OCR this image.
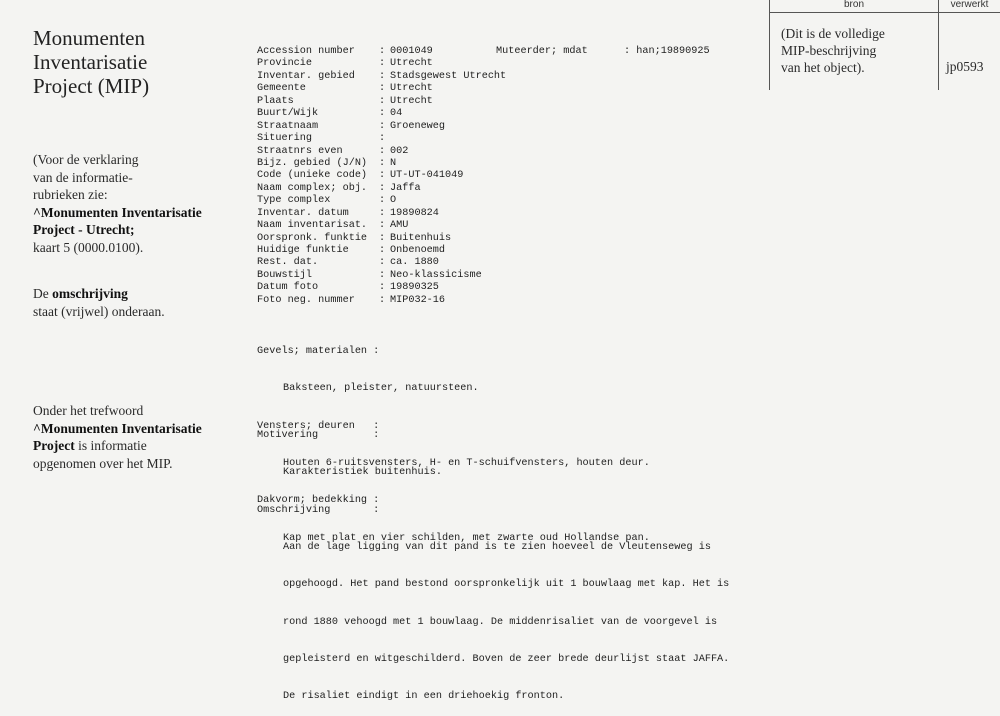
Monumenten
Inventarisatie
Project (MIP)
(Voor de verklaring
van de informatie-
rubrieken zie:
^Monumenten Inventarisatie
Project - Utrecht;
kaart 5 (0000.0100).
De omschrijving
staat (vrijwel) onderaan.
Onder het trefwoord
^Monumenten Inventarisatie
Project is informatie
opgenomen over het MIP.
bron	verwerkt
(Dit is de volledige
MIP-beschrijving
van het object).	jp0593
Muteerder; mdat	: han;19890925
Accession number : 0001049
Provincie	: Utrecht
Inventar. gebied : Stadsgewest Utrecht
Gemeente	: Utrecht
Plaats	: Utrecht
Buurt/Wijk	: 04
Straatnaam	: Groeneweg
Situering	:
Straatnrs even	: 002
Bijz. gebied (J/N) : N
Code (unieke code) : UT-UT-041049
Naam complex; obj. : Jaffa
Type complex	: O
Inventar. datum	: 19890824
Naam inventarisat. : AMU
Oorspronk. funktie : Buitenhuis
Huidige funktie	: Onbenoemd
Rest. dat.	: ca. 1880
Bouwstijl	: Neo-klassicisme
Datum foto	: 19890325
Foto neg. nummer : MIP032-16

Gevels; materialen :

Baksteen, pleister, natuursteen.

Vensters; deuren   :

Houten 6-ruitsvensters, H- en T-schuifvensters, houten deur.

Dakvorm; bedekking :

Kap met plat en vier schilden, met zwarte oud Hollandse pan.

Motivering         :

Karakteristiek buitenhuis.

Omschrijving       :

Aan de lage ligging van dit pand is te zien hoeveel de Vleutenseweg is

opgehoogd. Het pand bestond oorspronkelijk uit 1 bouwlaag met kap. Het is

rond 1880 vehoogd met 1 bouwlaag. De middenrisaliet van de voorgevel is

gepleisterd en witgeschilderd. Boven de zeer brede deurlijst staat JAFFA.

De risaliet eindigt in een driehoekig fronton.
